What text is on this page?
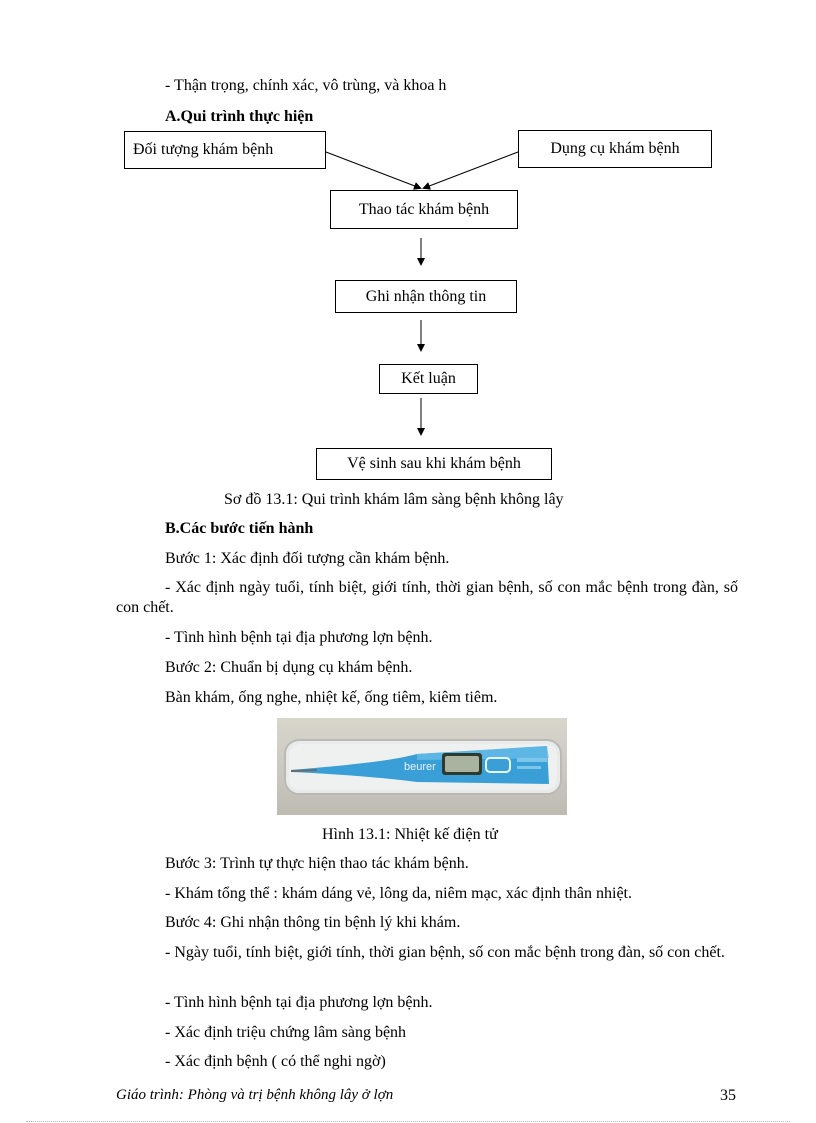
- Thận trọng, chính xác, vô trùng, và khoa h
A.Qui trình thực hiện
Đối tượng khám bệnh	Dụng cụ khám bệnh
Thao tác khám bệnh
Ghi nhận thông tin
Kết luận
Vệ sinh sau khi khám bệnh
Sơ đồ 13.1: Qui trình khám lâm sàng bệnh không lây
B.Các bước tiến hành
Bước 1: Xác định đối tượng cần khám bệnh.
- Xác định ngày tuổi, tính biệt, giới tính, thời gian bệnh, số con mắc bệnh trong đàn, số con chết.
- Tình hình bệnh tại địa phương lợn bệnh.
Bước 2: Chuẩn bị dụng cụ khám bệnh.
Bàn khám, ống nghe, nhiệt kế, ống tiêm, kiêm tiêm.
beurer
Hình 13.1: Nhiệt kế điện tử
Bước 3: Trình tự thực hiện thao tác khám bệnh.
- Khám tổng thể : khám dáng vẻ, lông da, niêm mạc, xác định thân nhiệt.
Bước 4: Ghi nhận thông tin bệnh lý khi khám.
- Ngày tuổi, tính biệt, giới tính, thời gian bệnh, số con mắc bệnh trong đàn, số con chết.
- Tình hình bệnh tại địa phương lợn bệnh.
- Xác định triệu chứng lâm sàng bệnh
- Xác định bệnh ( có thể nghi ngờ)
Giáo trình: Phòng và trị bệnh không lây ở lợn	35
